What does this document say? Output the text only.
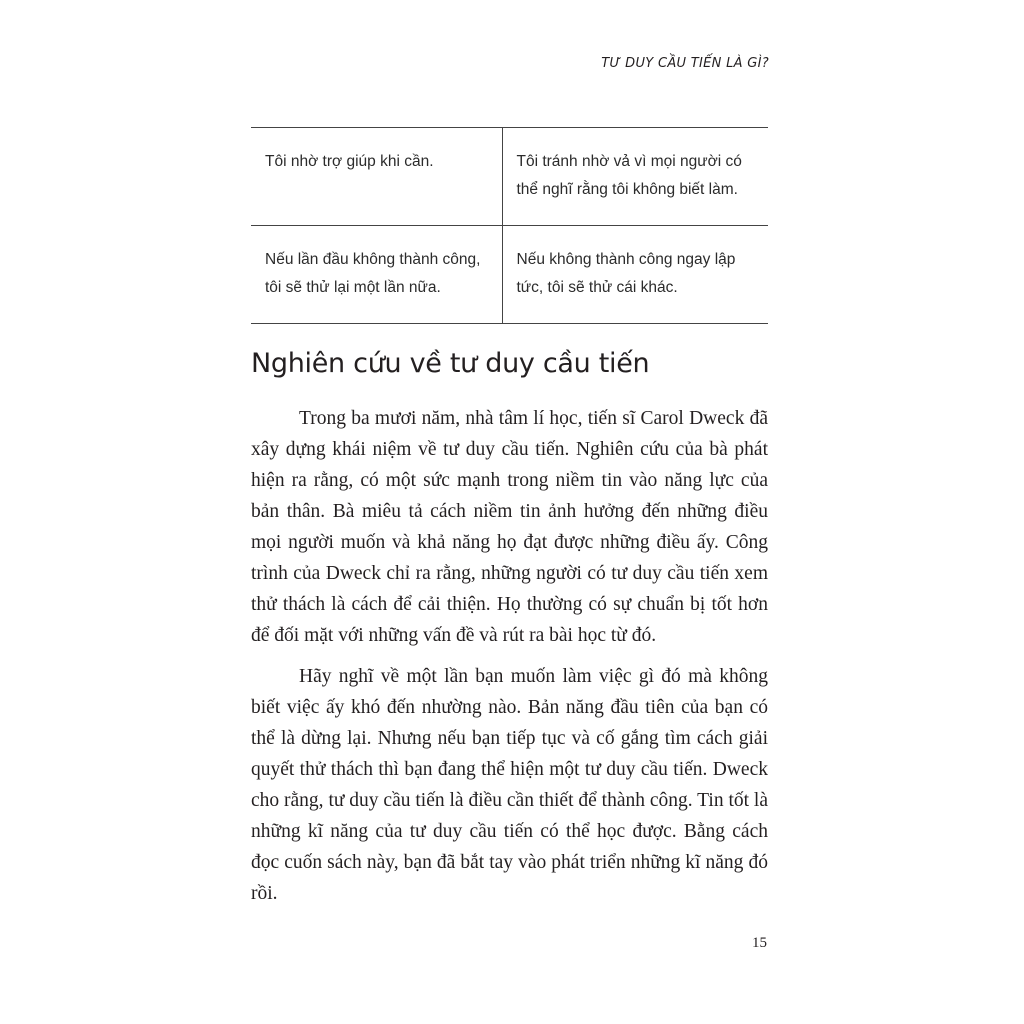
TƯ DUY CẦU TIẾN LÀ GÌ?
Tôi nhờ trợ giúp khi cần.	Tôi tránh nhờ vả vì mọi người có thể nghĩ rằng tôi không biết làm.
Nếu lần đầu không thành công, tôi sẽ thử lại một lần nữa.	Nếu không thành công ngay lập tức, tôi sẽ thử cái khác.
Nghiên cứu về tư duy cầu tiến

Trong ba mươi năm, nhà tâm lí học, tiến sĩ Carol Dweck đã xây dựng khái niệm về tư duy cầu tiến. Nghiên cứu của bà phát hiện ra rằng, có một sức mạnh trong niềm tin vào năng lực của bản thân. Bà miêu tả cách niềm tin ảnh hưởng đến những điều mọi người muốn và khả năng họ đạt được những điều ấy. Công trình của Dweck chỉ ra rằng, những người có tư duy cầu tiến xem thử thách là cách để cải thiện. Họ thường có sự chuẩn bị tốt hơn để đối mặt với những vấn đề và rút ra bài học từ đó.

Hãy nghĩ về một lần bạn muốn làm việc gì đó mà không biết việc ấy khó đến nhường nào. Bản năng đầu tiên của bạn có thể là dừng lại. Nhưng nếu bạn tiếp tục và cố gắng tìm cách giải quyết thử thách thì bạn đang thể hiện một tư duy cầu tiến. Dweck cho rằng, tư duy cầu tiến là điều cần thiết để thành công. Tin tốt là những kĩ năng của tư duy cầu tiến có thể học được. Bằng cách đọc cuốn sách này, bạn đã bắt tay vào phát triển những kĩ năng đó rồi.

15
